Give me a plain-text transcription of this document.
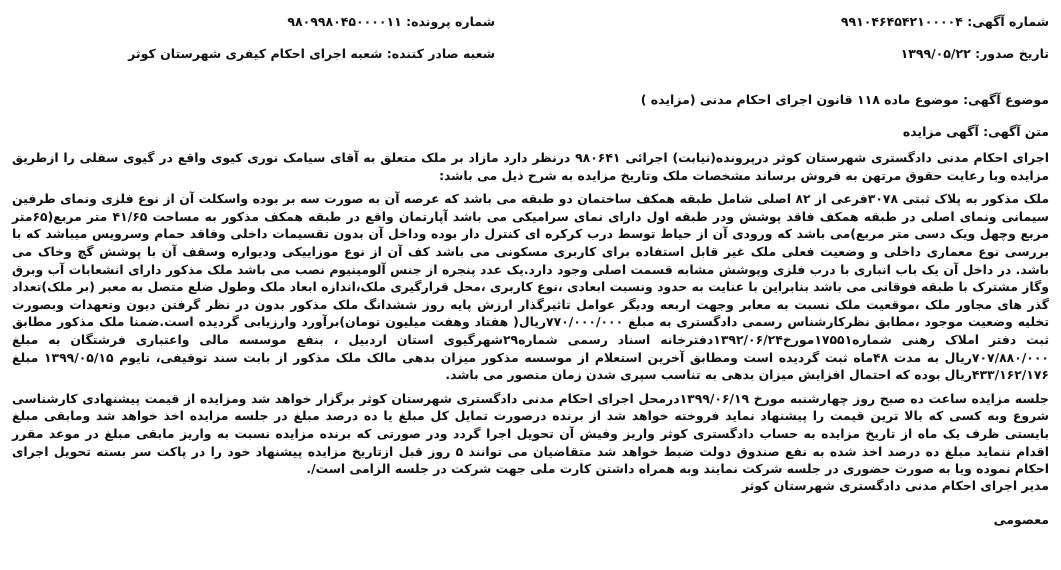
شماره آگهی: ۹۹۱۰۴۶۴۵۴۲۱۰۰۰۰۴
شماره پرونده: ۹۸۰۹۹۸۰۴۵۰۰۰۰۱۱
تاریخ صدور: ۱۳۹۹/۰۵/۲۲
شعبه صادر کننده: شعبه اجرای احکام کیفری شهرستان کوثر
موضوع آگهی: موضوع ماده ۱۱۸ قانون اجرای احکام مدنی (مزایده )
متن آگهی: آگهی مزایده

اجرای احکام مدنی دادگستری شهرستان کوثر درپرونده(نیابت) اجرائی ۹۸۰۶۴۱ درنظر دارد مازاد بر ملک متعلق به آقای سیامک نوری کیوی واقع در گیوی سفلی را ازطریق مزایده وبا رعایت حقوق مرتهن به فروش برساند مشخصات ملک وتاریخ مزایده به شرح ذیل می باشد:

ملک مذکور به پلاک ثبتی ۳۰۷۸فرعی از ۸۲ اصلی شامل طبقه همکف ساختمان دو طبقه می باشد که عرصه آن به صورت سه بر بوده واسکلت آن از نوع فلزی ونمای طرفین سیمانی ونمای اصلی در طبقه همکف فاقد پوشش ودر طبقه اول دارای نمای سرامیکی می باشد آپارتمان واقع در طبقه همکف مذکور به مساحت ۴۱/۶۵ متر مربع(۶۵متر مربع وچهل ویک دسی متر مربع)می باشد که ورودی آن از حیاط توسط درب کرکره ای کنترل دار بوده وداخل آن بدون تقسیمات داخلی وفاقد حمام وسرویس میباشد که با بررسی نوع معماری داخلی و وضعیت فعلی ملک غیر قابل استفاده برای کاربری مسکونی می باشد کف آن از نوع موزاییکی ودیواره وسقف آن با پوشش گچ وخاک می باشد. در داخل آن یک باب انباری با درب فلزی وپوشش مشابه قسمت اصلی وجود دارد.یک عدد پنجره از جنس آلومینیوم نصب می باشد ملک مذکور دارای انشعابات آب وبرق وگاز مشترک با طبقه فوقانی می باشد بنابراین با عنایت به حدود ونسبت ابعادی ،نوع کاربری ،محل قرارگیری ملک،اندازه ابعاد ملک وطول ضلع متصل به معبر (بر ملک)تعداد گذر های مجاور ملک ،موقعیت ملک نسبت به معابر وجهت اربعه ودیگر عوامل تاثیرگذار ارزش پایه روز ششدانگ ملک مذکور بدون در نظر گرفتن دیون وتعهدات وبصورت تخلیه وضعیت موجود ،مطابق نظرکارشناس رسمی دادگستری به مبلغ ۷۷۰/۰۰۰/۰۰۰ریال( هفتاد وهفت میلیون تومان)برآورد وارزیابی گردیده است.ضمنا ملک مذکور مطابق ثبت دفتر املاک رهنی شماره۱۷۵۵۱مورخ۱۳۹۲/۰۶/۲۴دفترخانه اسناد رسمی شماره۲۹شهرگیوی استان اردبیل ، بنفع موسسه مالی واعتباری فرشتگان به مبلغ ۷۰۷/۸۸۰/۰۰۰ریال به مدت ۴۸ماه ثبت گردیده است ومطابق آخرین استعلام از موسسه مذکور میزان بدهی مالک ملک مذکور از بابت سند توقیفی، تایوم ۱۳۹۹/۰۵/۱۵ مبلغ ۴۳۳/۱۶۲/۱۷۶ریال بوده که احتمال افزایش میزان بدهی به تناسب سپری شدن زمان متصور می باشد.

جلسه مزایده ساعت ده صبح روز چهارشنبه مورخ ۱۳۹۹/۰۶/۱۹درمحل اجرای احکام مدنی دادگستری شهرستان کوثر برگزار خواهد شد ومزایده از قیمت پیشنهادی کارشناسی شروع وبه کسی که بالا ترین قیمت را پیشنهاد نماید فروخته خواهد شد از برنده درصورت تمایل کل مبلغ یا ده درصد مبلغ در جلسه مزایده اخذ خواهد شد ومابقی مبلغ بایستی ظرف یک ماه از تاریخ مزایده به حساب دادگستری کوثر واریز وفیش آن تحویل اجرا گردد ودر صورتی که برنده مزایده نسبت به واریز مابقی مبلغ در موعد مقرر اقدام ننماید مبلغ ده درصد اخذ شده به نفع صندوق دولت ضبط خواهد شد متقاضیان می توانند ۵ روز قبل ازتاریخ مزایده پیشنهاد خود را در پاکت سر بسته تحویل اجرای احکام نموده ویا به صورت حضوری در جلسه شرکت نمایند وبه همراه داشتن کارت ملی جهت شرکت در جلسه الزامی است/.

مدیر اجرای احکام مدنی دادگستری شهرستان کوثر
معصومی
